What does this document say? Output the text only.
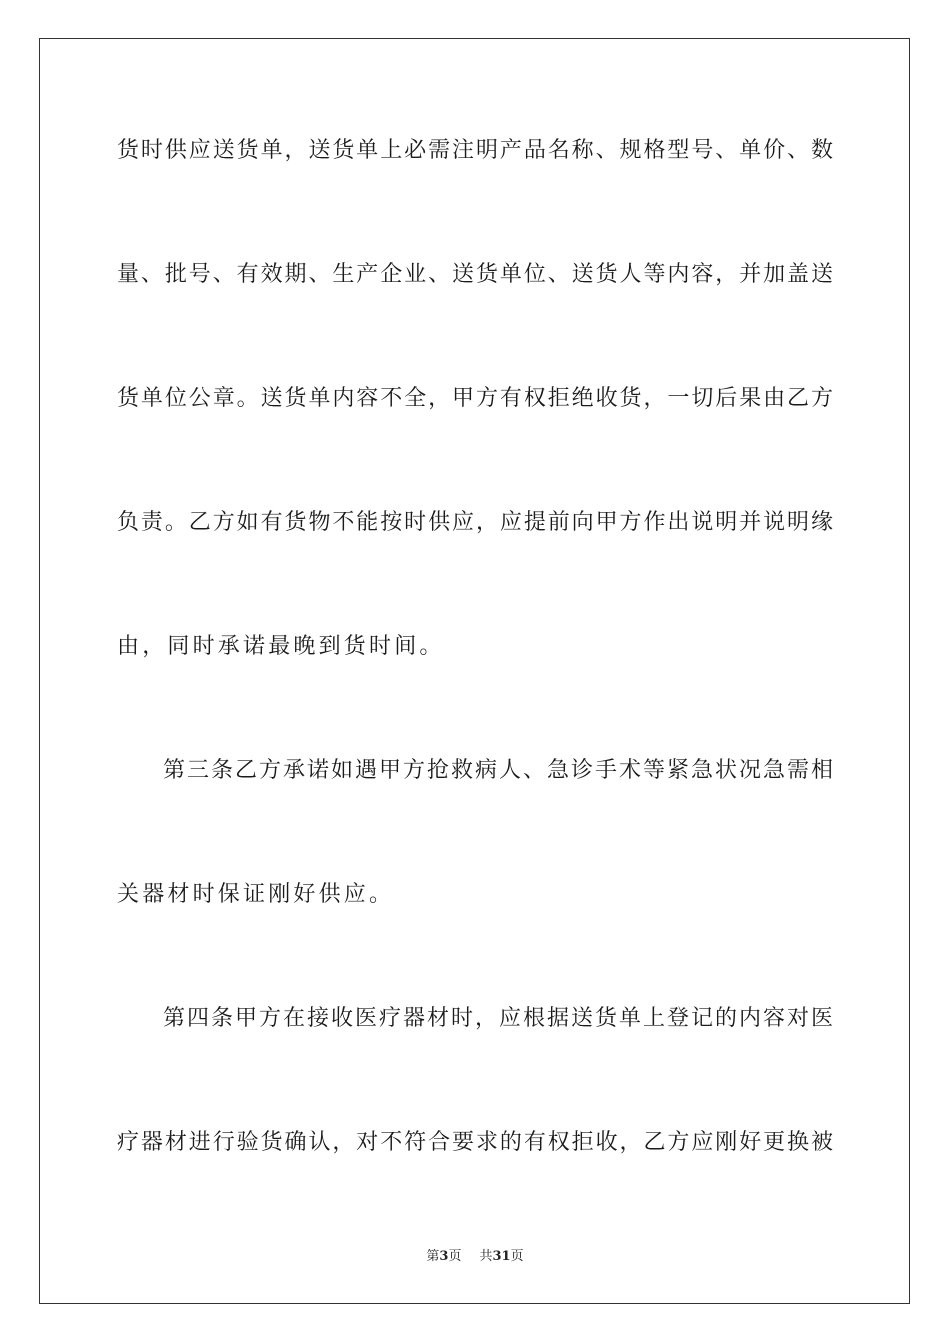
货时供应送货单，送货单上必需注明产品名称、规格型号、单价、数
量、批号、有效期、生产企业、送货单位、送货人等内容，并加盖送
货单位公章。送货单内容不全，甲方有权拒绝收货，一切后果由乙方
负责。乙方如有货物不能按时供应，应提前向甲方作出说明并说明缘
由，同时承诺最晚到货时间。
第三条乙方承诺如遇甲方抢救病人、急诊手术等紧急状况急需相
关器材时保证刚好供应。
第四条甲方在接收医疗器材时，应根据送货单上登记的内容对医
疗器材进行验货确认，对不符合要求的有权拒收，乙方应刚好更换被
第3页 共31页
